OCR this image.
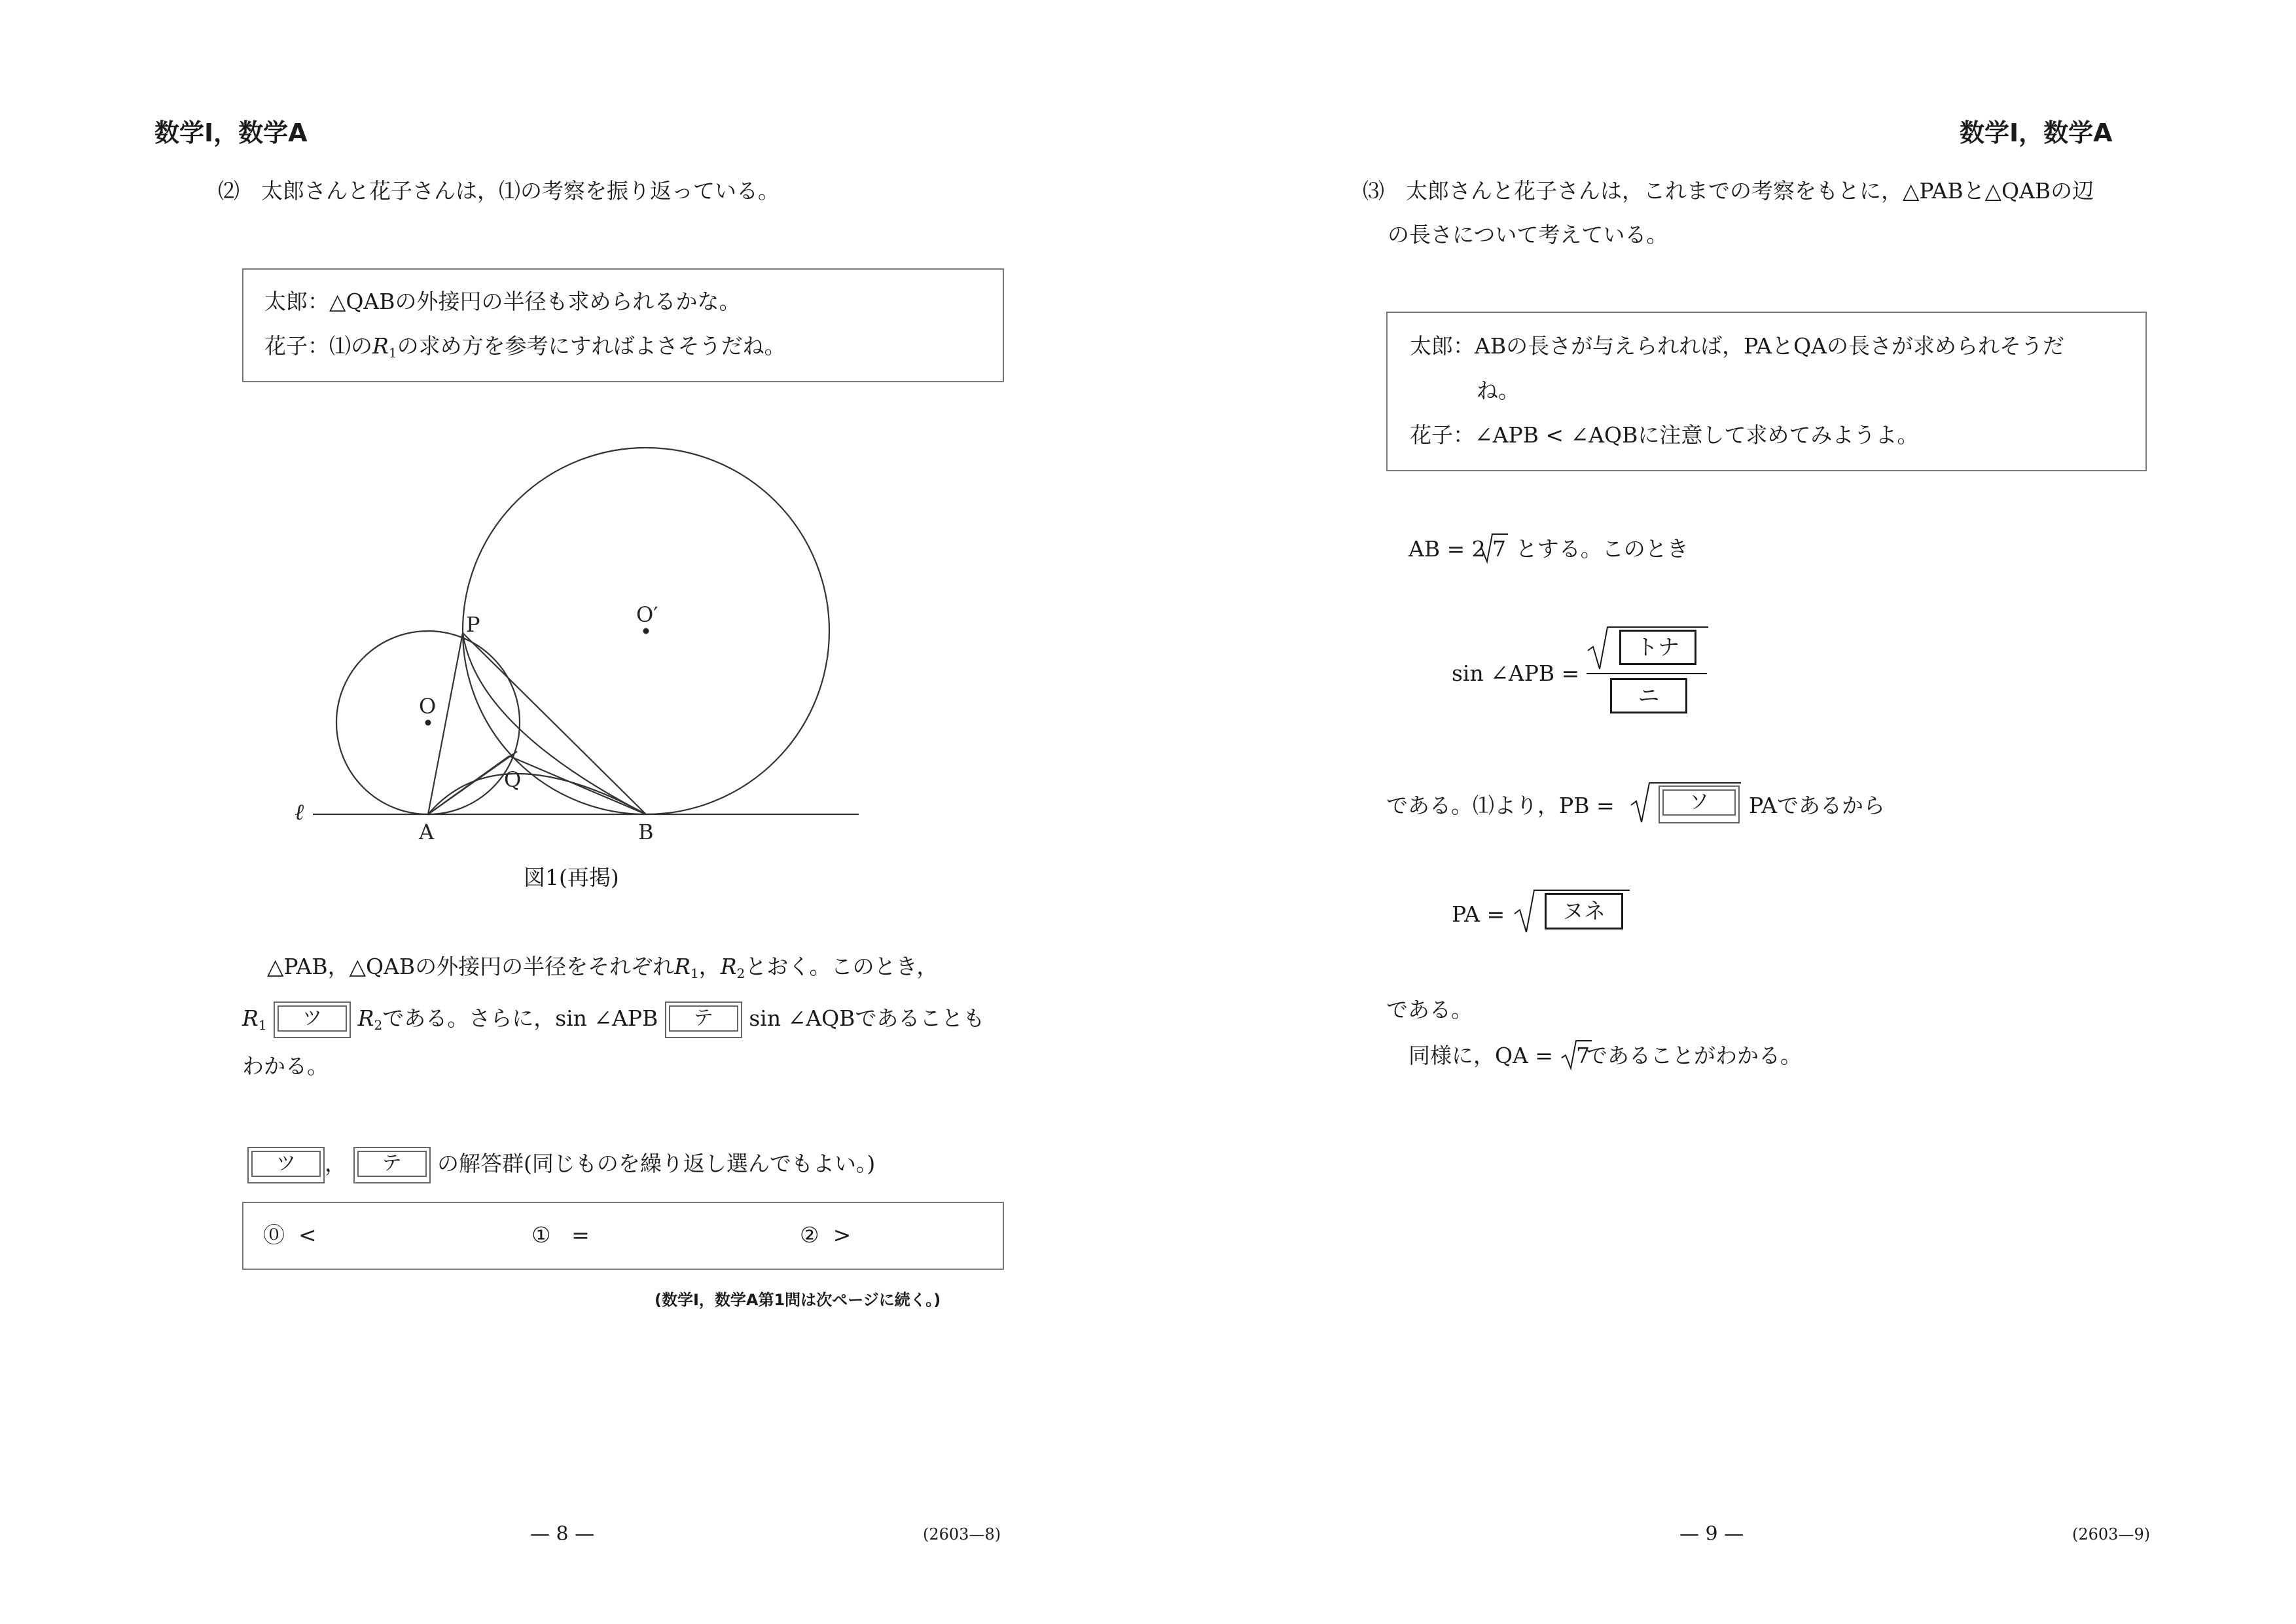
数学Ⅰ，数学A
⑵　太郎さんと花子さんは，⑴の考察を振り返っている。
太郎：△QABの外接円の半径も求められるかな。
花子：⑴の$R_1$の求め方を参考にすればよさそうだね。
P
O
O′
Q
A	B
ℓ
図1(再掲)
△PAB，△QABの外接円の半径をそれぞれ$R_1$，$R_2$とおく。このとき，
$R_1$	ツ	$R_2$である。さらに，sin ∠APB	テ	sin ∠AQBであることも
わかる。
ツ	，	テ	の解答群(同じものを繰り返し選んでもよい。)
⓪ <	① =	② >
(数学Ⅰ，数学A第1問は次ページに続く。)
— 8 —	(2603—8)
数学Ⅰ，数学A
⑶　太郎さんと花子さんは，これまでの考察をもとに，△PABと△QABの辺
の長さについて考えている。
太郎：ABの長さが与えられれば，PAとQAの長さが求められそうだ
ね。
花子：∠APB < ∠AQBに注意して求めてみようよ。
AB = 2 とする。このとき
7
sin ∠APB =
トナ
ニ
である。⑴より，PB =	ソ	PAであるから
PA =	ヌネ
である。
同様に，QA = であることがわかる。
7
— 9 —	(2603—9)
